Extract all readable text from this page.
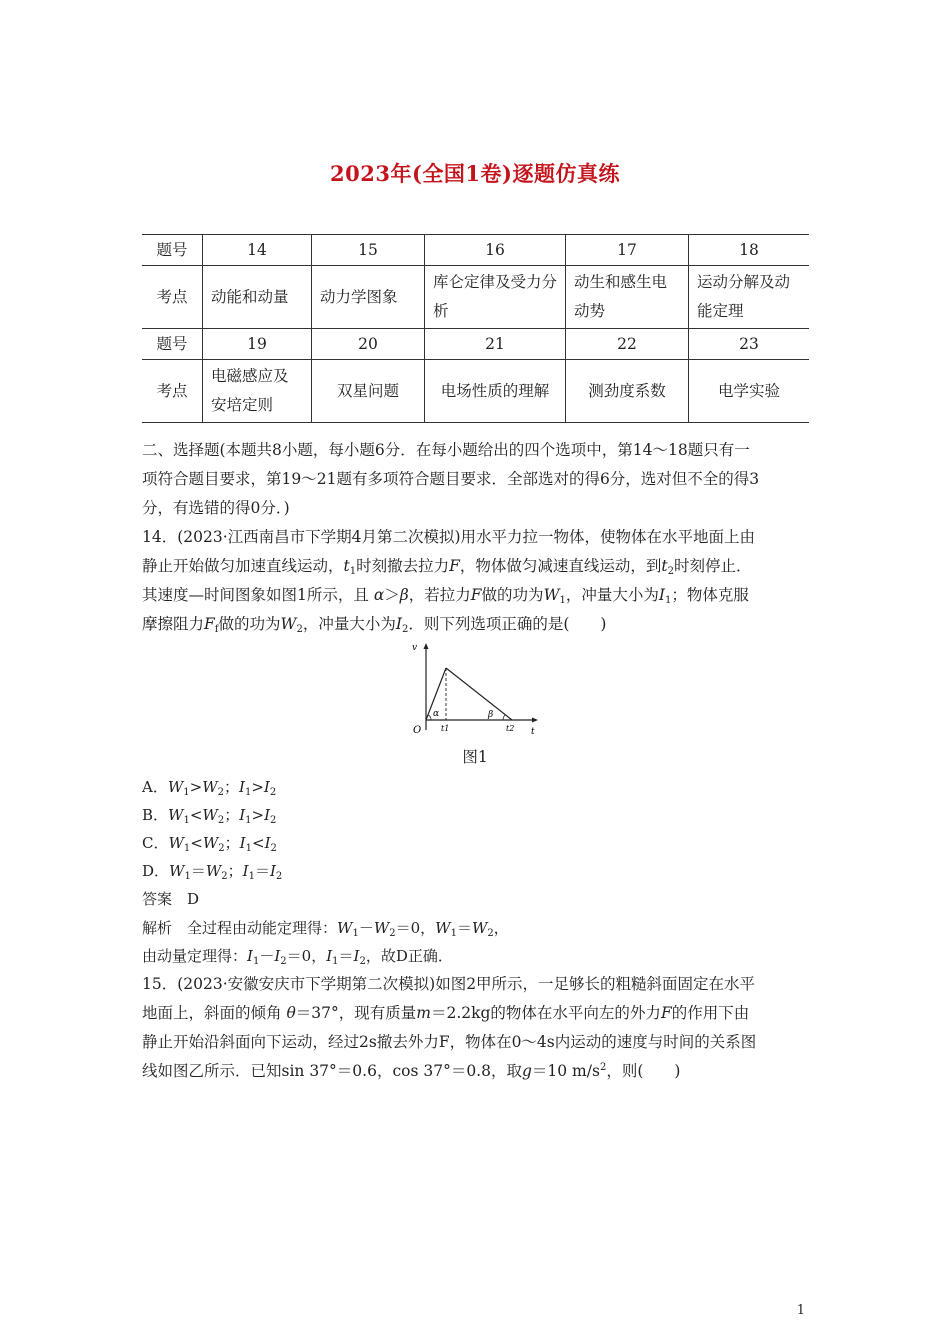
2023年(全国1卷)逐题仿真练
题号	14	15	16	17	18
考点	动能和动量	动力学图象	库仑定律及受力分析	动生和感生电动势	运动分解及动能定理
题号	19	20	21	22	23
考点	电磁感应及安培定则	双星问题	电场性质的理解	测劲度系数	电学实验
二、选择题(本题共8小题，每小题6分．在每小题给出的四个选项中，第14～18题只有一
项符合题目要求，第19～21题有多项符合题目要求．全部选对的得6分，选对但不全的得3
分，有选错的得0分．)
14．(2023·江西南昌市下学期4月第二次模拟)用水平力拉一物体，使物体在水平地面上由
静止开始做匀加速直线运动，$t_1$时刻撤去拉力F，物体做匀减速直线运动，到$t_2$时刻停止．
其速度—时间图象如图1所示，且 α＞β，若拉力F做的功为$W_1$，冲量大小为$I_1$；物体克服
摩擦阻力$F_f$做的功为$W_2$，冲量大小为$I_2$．则下列选项正确的是(　　)
v
O	t
t1	t2
α	β
图1
A．$W_1>W_2$；$I_1>I_2$
B．$W_1<W_2$；$I_1>I_2$
C．$W_1<W_2$；$I_1<I_2$
D．$W_1=W_2$；$I_1=I_2$
答案　D
解析　全过程由动能定理得：$W_1-W_2=0$，$W_1=W_2$，
由动量定理得：$I_1-I_2=0$，$I_1=I_2$，故D正确．
15．(2023·安徽安庆市下学期第二次模拟)如图2甲所示，一足够长的粗糙斜面固定在水平
地面上，斜面的倾角 θ＝37°，现有质量m＝2.2kg的物体在水平向左的外力F的作用下由
静止开始沿斜面向下运动，经过2s撤去外力F，物体在0～4s内运动的速度与时间的关系图
线如图乙所示．已知sin 37°＝0.6，cos 37°＝0.8，取g＝10 $m/s^2$，则(　　)
1
